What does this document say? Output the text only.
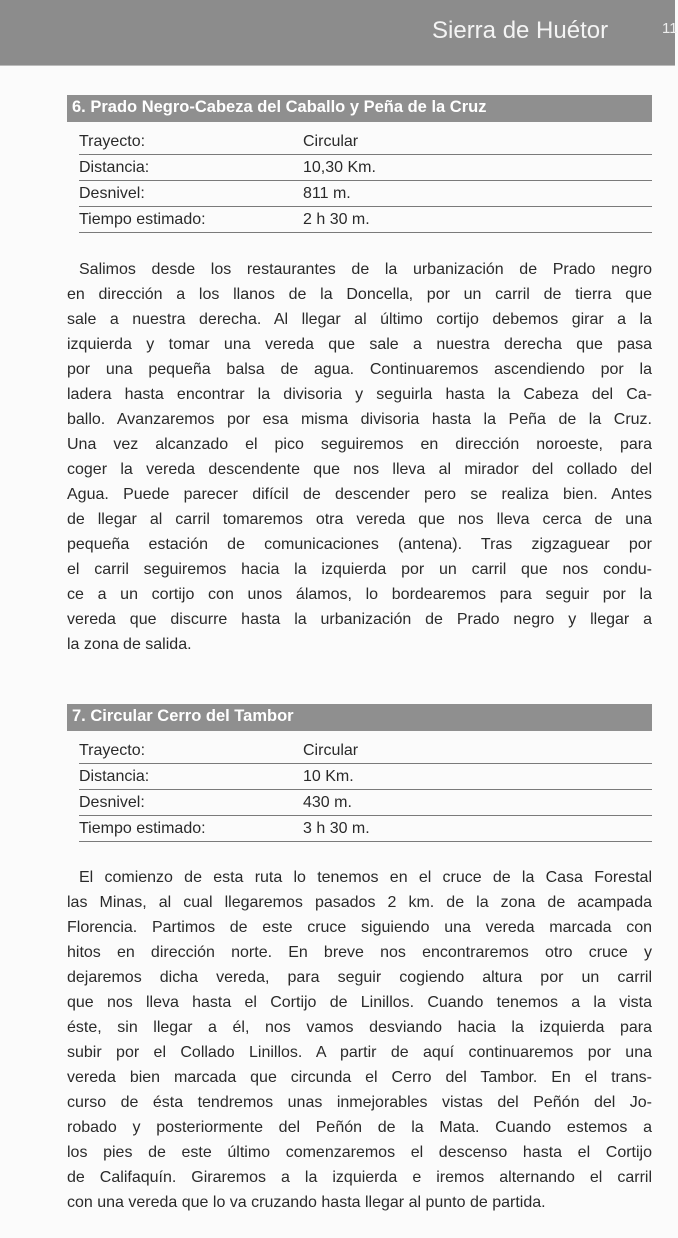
Sierra de Huétor	11
6. Prado Negro-Cabeza del Caballo y Peña de la Cruz
Trayecto:	Circular
Distancia:	10,30 Km.
Desnivel:	811 m.
Tiempo estimado:	2 h 30 m.
Salimos desde los restaurantes de la urbanización de Prado negro
en dirección a los llanos de la Doncella, por un carril de tierra que
sale a nuestra derecha. Al llegar al último cortijo debemos girar a la
izquierda y tomar una vereda que sale a nuestra derecha que pasa
por una pequeña balsa de agua. Continuaremos ascendiendo por la
ladera hasta encontrar la divisoria y seguirla hasta la Cabeza del Ca-
ballo. Avanzaremos por esa misma divisoria hasta la Peña de la Cruz.
Una vez alcanzado el pico seguiremos en dirección noroeste, para
coger la vereda descendente que nos lleva al mirador del collado del
Agua. Puede parecer difícil de descender pero se realiza bien. Antes
de llegar al carril tomaremos otra vereda que nos lleva cerca de una
pequeña estación de comunicaciones (antena). Tras zigzaguear por
el carril seguiremos hacia la izquierda por un carril que nos condu-
ce a un cortijo con unos álamos, lo bordearemos para seguir por la
vereda que discurre hasta la urbanización de Prado negro y llegar a
la zona de salida.
7. Circular Cerro del Tambor
Trayecto:	Circular
Distancia:	10 Km.
Desnivel:	430 m.
Tiempo estimado:	3 h 30 m.
El comienzo de esta ruta lo tenemos en el cruce de la Casa Forestal
las Minas, al cual llegaremos pasados 2 km. de la zona de acampada
Florencia. Partimos de este cruce siguiendo una vereda marcada con
hitos en dirección norte. En breve nos encontraremos otro cruce y
dejaremos dicha vereda, para seguir cogiendo altura por un carril
que nos lleva hasta el Cortijo de Linillos. Cuando tenemos a la vista
éste, sin llegar a él, nos vamos desviando hacia la izquierda para
subir por el Collado Linillos. A partir de aquí continuaremos por una
vereda bien marcada que circunda el Cerro del Tambor. En el trans-
curso de ésta tendremos unas inmejorables vistas del Peñón del Jo-
robado y posteriormente del Peñón de la Mata. Cuando estemos a
los pies de este último comenzaremos el descenso hasta el Cortijo
de Califaquín. Giraremos a la izquierda e iremos alternando el carril
con una vereda que lo va cruzando hasta llegar al punto de partida.
